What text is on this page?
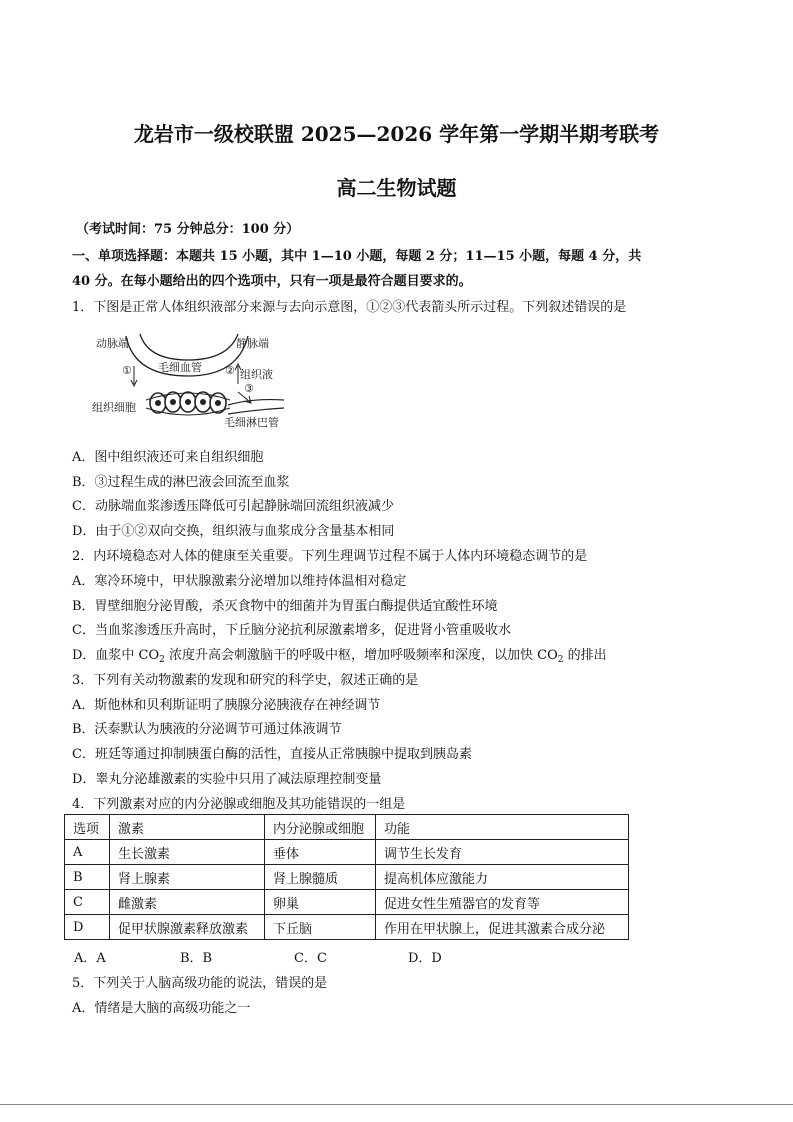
龙岩市一级校联盟 2025—2026 学年第一学期半期考联考
高二生物试题
（考试时间：75 分钟总分：100 分）
一、单项选择题：本题共 15 小题，其中 1—10 小题，每题 2 分；11—15 小题，每题 4 分，共
40 分。在每小题给出的四个选项中，只有一项是最符合题目要求的。
1．下图是正常人体组织液部分来源与去向示意图，①②③代表箭头所示过程。下列叙述错误的是
动脉端	静脉端
毛细血管
①	② 组织液
组织细胞
③
毛细淋巴管
A．图中组织液还可来自组织细胞
B．③过程生成的淋巴液会回流至血浆
C．动脉端血浆渗透压降低可引起静脉端回流组织液减少
D．由于①②双向交换，组织液与血浆成分含量基本相同
2．内环境稳态对人体的健康至关重要。下列生理调节过程不属于人体内环境稳态调节的是
A．寒冷环境中，甲状腺激素分泌增加以维持体温相对稳定
B．胃壁细胞分泌胃酸，杀灭食物中的细菌并为胃蛋白酶提供适宜酸性环境
C．当血浆渗透压升高时，下丘脑分泌抗利尿激素增多，促进肾小管重吸收水
D．血浆中 $CO_2$ 浓度升高会刺激脑干的呼吸中枢，增加呼吸频率和深度，以加快 $CO_2$ 的排出
3．下列有关动物激素的发现和研究的科学史，叙述正确的是
A．斯他林和贝利斯证明了胰腺分泌胰液存在神经调节
B．沃泰默认为胰液的分泌调节可通过体液调节
C．班廷等通过抑制胰蛋白酶的活性，直接从正常胰腺中提取到胰岛素
D．睾丸分泌雄激素的实验中只用了减法原理控制变量
4．下列激素对应的内分泌腺或细胞及其功能错误的一组是
选项	激素	内分泌腺或细胞	功能
A	生长激素	垂体	调节生长发育
B	肾上腺素	肾上腺髓质	提高机体应激能力
C	雌激素	卵巢	促进女性生殖器官的发育等
D	促甲状腺激素释放激素	下丘脑	作用在甲状腺上，促进其激素合成分泌
A．A	B．B	C．C	D．D
5．下列关于人脑高级功能的说法，错误的是
A．情绪是大脑的高级功能之一
